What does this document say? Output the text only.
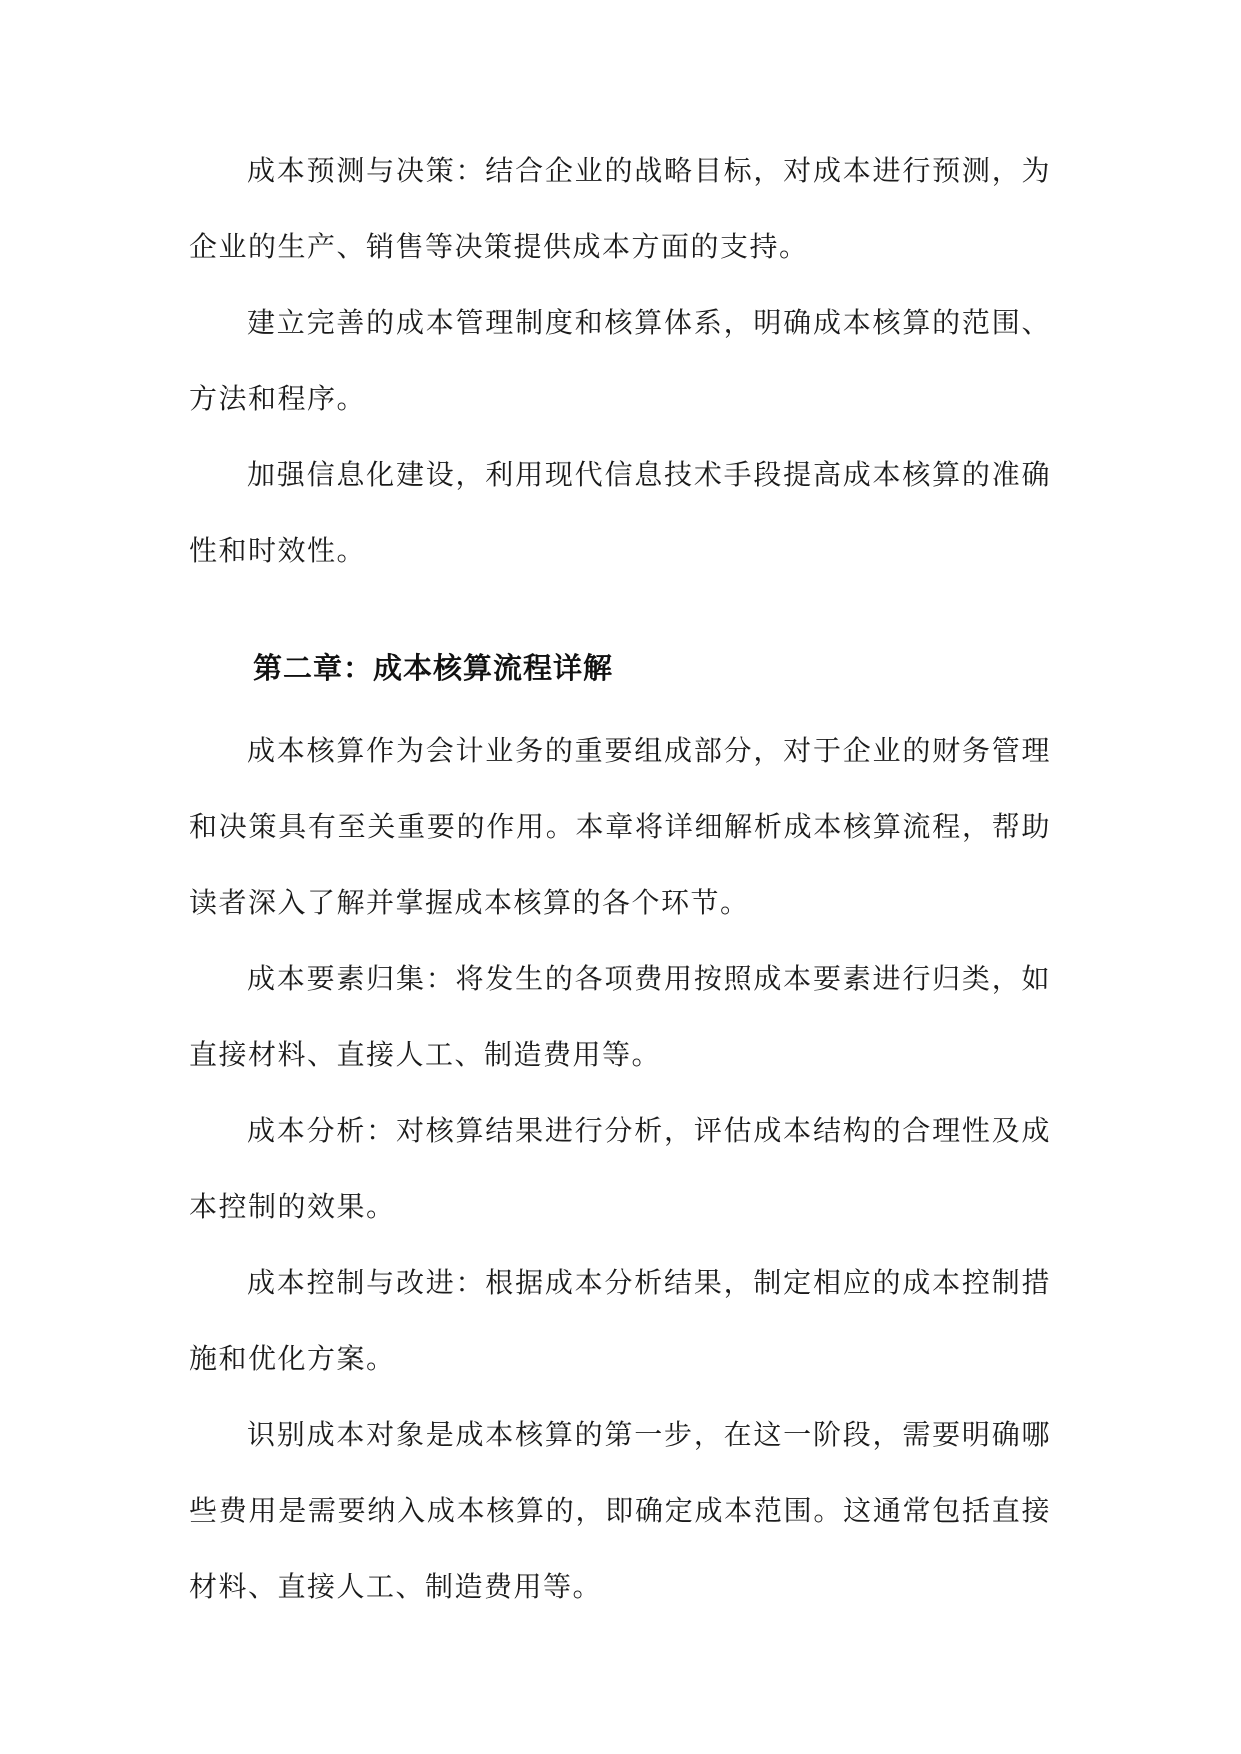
成本预测与决策：结合企业的战略目标，对成本进行预测，为企业的生产、销售等决策提供成本方面的支持。

建立完善的成本管理制度和核算体系，明确成本核算的范围、方法和程序。

加强信息化建设，利用现代信息技术手段提高成本核算的准确性和时效性。

第二章：成本核算流程详解

成本核算作为会计业务的重要组成部分，对于企业的财务管理和决策具有至关重要的作用。本章将详细解析成本核算流程，帮助读者深入了解并掌握成本核算的各个环节。

成本要素归集：将发生的各项费用按照成本要素进行归类，如直接材料、直接人工、制造费用等。

成本分析：对核算结果进行分析，评估成本结构的合理性及成本控制的效果。

成本控制与改进：根据成本分析结果，制定相应的成本控制措施和优化方案。

识别成本对象是成本核算的第一步，在这一阶段，需要明确哪些费用是需要纳入成本核算的，即确定成本范围。这通常包括直接材料、直接人工、制造费用等。
